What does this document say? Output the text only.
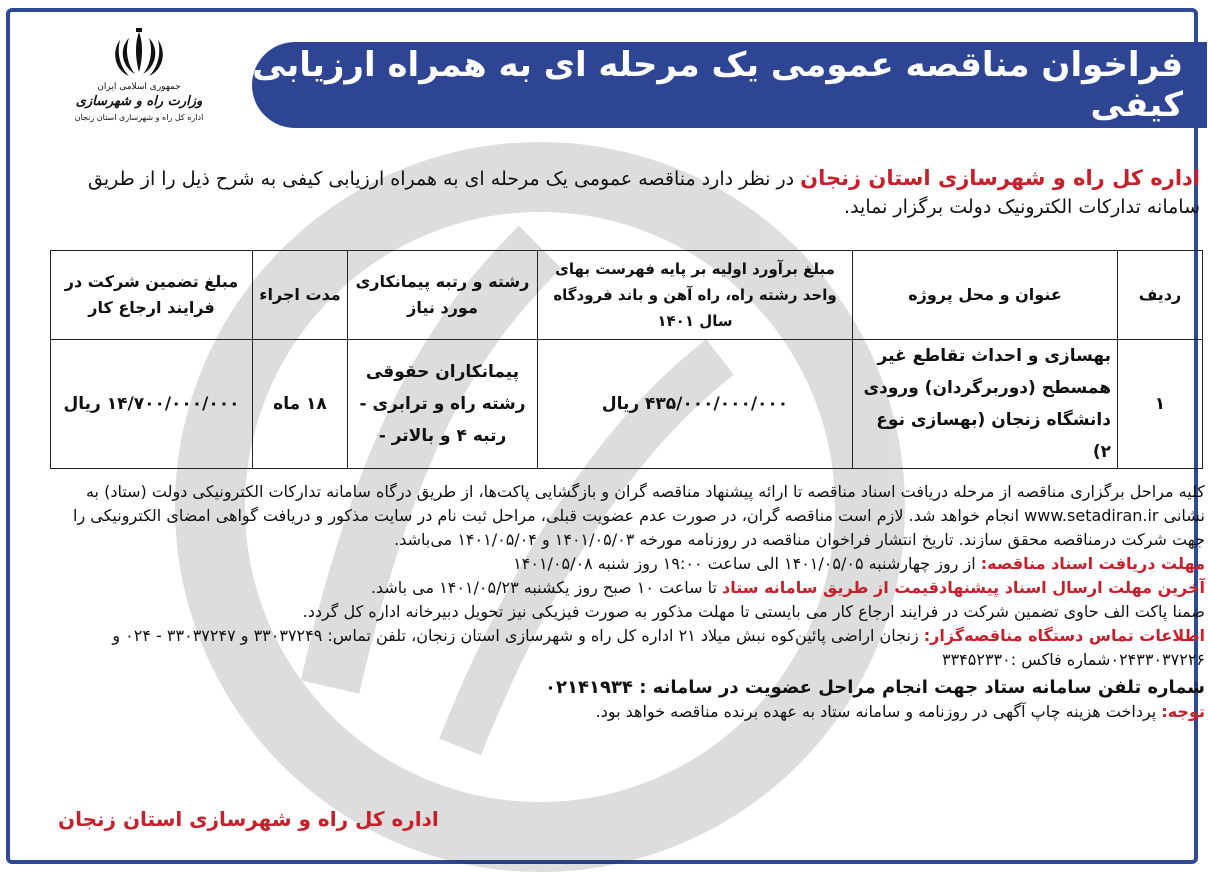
جمهوری اسلامی ایران
وزارت راه و شهرسازی
اداره کل راه و شهرسازی استان زنجان
فراخوان مناقصه عمومی یک مرحله ای به همراه ارزیابی کیفی
اداره کل راه و شهرسازی استان زنجان در نظر دارد مناقصه عمومی یک مرحله ای به همراه ارزیابی کیفی به شرح ذیل را از طریق سامانه تدارکات الکترونیک دولت برگزار نماید.
ردیف	عنوان و محل پروژه	مبلغ برآورد اولیه بر پایه فهرست بهای واحد رشته راه، راه آهن و باند فرودگاه سال ۱۴۰۱	رشته و رتبه پیمانکاری مورد نیاز	مدت اجراء	مبلغ تضمین شرکت در فرایند ارجاع کار
۱	بهسازی و احداث تقاطع غیر همسطح (دوربرگردان) ورودی دانشگاه زنجان (بهسازی نوع ۲)	۴۳۵/۰۰۰/۰۰۰/۰۰۰ ریال	پیمانکاران حقوقی رشته راه و ترابری - رتبه ۴ و بالاتر -	۱۸ ماه	۱۴/۷۰۰/۰۰۰/۰۰۰ ریال

کلیه مراحل برگزاری مناقصه از مرحله دریافت اسناد مناقصه تا ارائه پیشنهاد مناقصه گران و بازگشایی پاکت‌ها، از طریق درگاه سامانه تدارکات الکترونیکی دولت (ستاد) به نشانی www.setadiran.ir انجام خواهد شد. لازم است مناقصه گران، در صورت عدم عضویت قبلی، مراحل ثبت نام در سایت مذکور و دریافت گواهی امضای الکترونیکی را جهت شرکت درمناقصه محقق سازند. تاریخ انتشار فراخوان مناقصه در روزنامه مورخه ۱۴۰۱/۰۵/۰۳ و ۱۴۰۱/۰۵/۰۴ می‌باشد.

مهلت دریافت اسناد مناقصه: از روز چهارشنبه ۱۴۰۱/۰۵/۰۵ الی ساعت ۱۹:۰۰ روز شنبه ۱۴۰۱/۰۵/۰۸

آخرین مهلت ارسال اسناد پیشنهادقیمت از طریق سامانه ستاد تا ساعت ۱۰ صبح روز یکشنبه ۱۴۰۱/۰۵/۲۳ می باشد.

ضمنا پاکت الف حاوی تضمین شرکت در فرایند ارجاع کار می بایستی تا مهلت مذکور به صورت فیزیکی نیز تحویل دبیرخانه اداره کل گردد.

اطلاعات تماس دستگاه مناقصه‌گزار: زنجان اراضی پائین‌کوه نبش میلاد ۲۱ اداره کل راه و شهرسازی استان زنجان، تلفن تماس: ۳۳۰۳۷۲۴۹ و ۳۳۰۳۷۲۴۷ - ۰۲۴ و ۰۲۴۳۳۰۳۷۲۲۶شماره فاکس :۳۳۴۵۲۳۳۰

شماره تلفن سامانه ستاد جهت انجام مراحل عضویت در سامانه : ۰۲۱۴۱۹۳۴

توجه: پرداخت هزینه چاپ آگهی در روزنامه و سامانه ستاد به عهده برنده مناقصه خواهد بود.

اداره کل راه و شهرسازی استان زنجان
